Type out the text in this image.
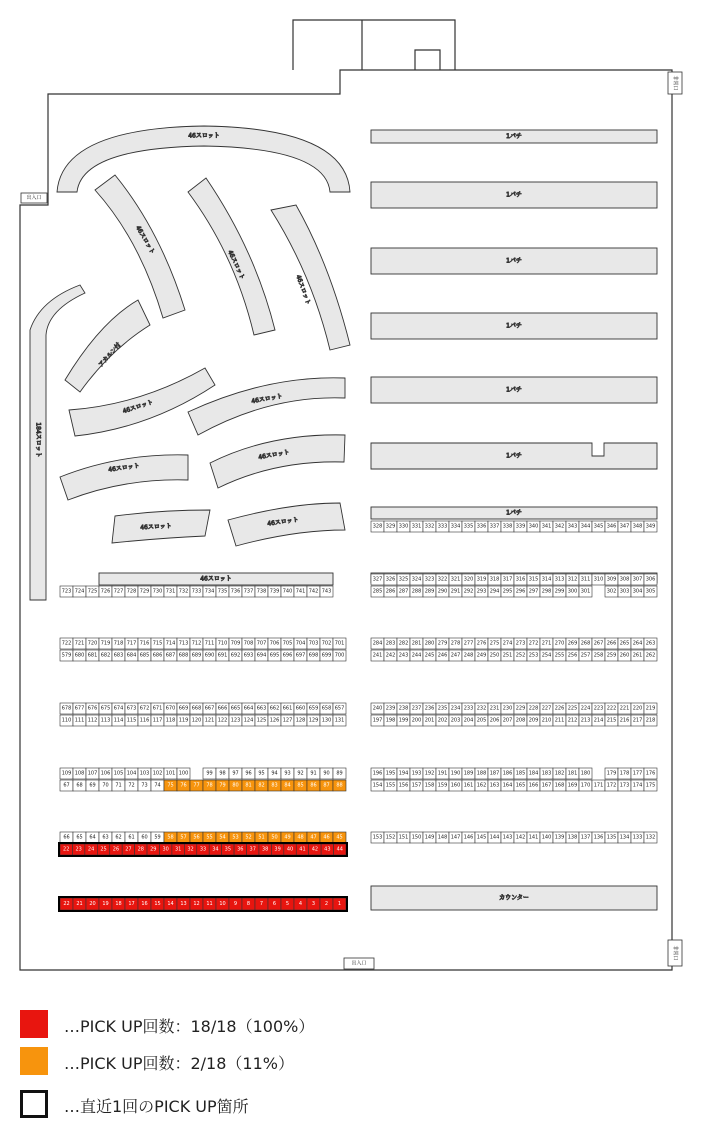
非常口
非常口
出入口
出入口
1パチ
1パチ
1パチ
1パチ
1パチ
1パチ
1パチ
カウンター
46スロット
46スロット
46スロット
46スロット
アカルン付
184スロット
46スロット	46スロット
46スロット
46スロット
46スロット	46スロット
46スロット
328 329 330 331 332 333 334 335 336 337 338 339 340 341 342 343 344 345 346 347 348 349
327 326 325 324 323 322 321 320 319 318 317 316 315 314 313 312 311 310 309 308 307 306
285 286 287 288 289 290 291 292 293 294 295 296 297 298 299 300 301	302 303 304 305
284 283 282 281 280 279 278 277 276 275 274 273 272 271 270 269 268 267 266 265 264 263
241 242 243 244 245 246 247 248 249 250 251 252 253 254 255 256 257 258 259 260 261 262
240 239 238 237 236 235 234 233 232 231 230 229 228 227 226 225 224 223 222 221 220 219
197 198 199 200 201 202 203 204 205 206 207 208 209 210 211 212 213 214 215 216 217 218
196 195 194 193 192 191 190 189 188 187 186 185 184 183 182 181 180	179 178 177 176
154 155 156 157 158 159 160 161 162 163 164 165 166 167 168 169 170 171 172 173 174 175
153 152 151 150 149 148 147 146 145 144 143 142 141 140 139 138 137 136 135 134 133 132
723 724 725 726 727 728 729 730 731 732 733 734 735 736 737 738 739 740 741 742 743
722 721 720 719 718 717 716 715 714 713 712 711 710 709 708 707 706 705 704 703 702 701
579 680 681 682 683 684 685 686 687 688 689 690 691 692 693 694 695 696 697 698 699 700
678 677 676 675 674 673 672 671 670 669 668 667 666 665 664 663 662 661 660 659 658 657
110 111 112 113 114 115 116 117 118 119 120 121 122 123 124 125 126 127 128 129 130 131
109 108 107 106 105 104 103 102 101 100	99 98 97 96 95 94 93 92 91 90 89
67 68 69 70 71 72 73 74 75 76 77 78 79 80 81 82 83 84 85 86 87 88
66 65 64 63 62 61 60 59 58 57 56 55 54 53 52 51 50 49 48 47 46 45
22 23 24 25 26 27 28 29 30 31 32 33 34 35 36 37 38 39 40 41 42 43 44
22 21 20 19 18 17 16 15 14 13 12 11 10 9 8 7 6 5 4 3 2 1
…PICK UP回数：18/18（100%）
…PICK UP回数：2/18（11%）
…直近1回のPICK UP箇所
